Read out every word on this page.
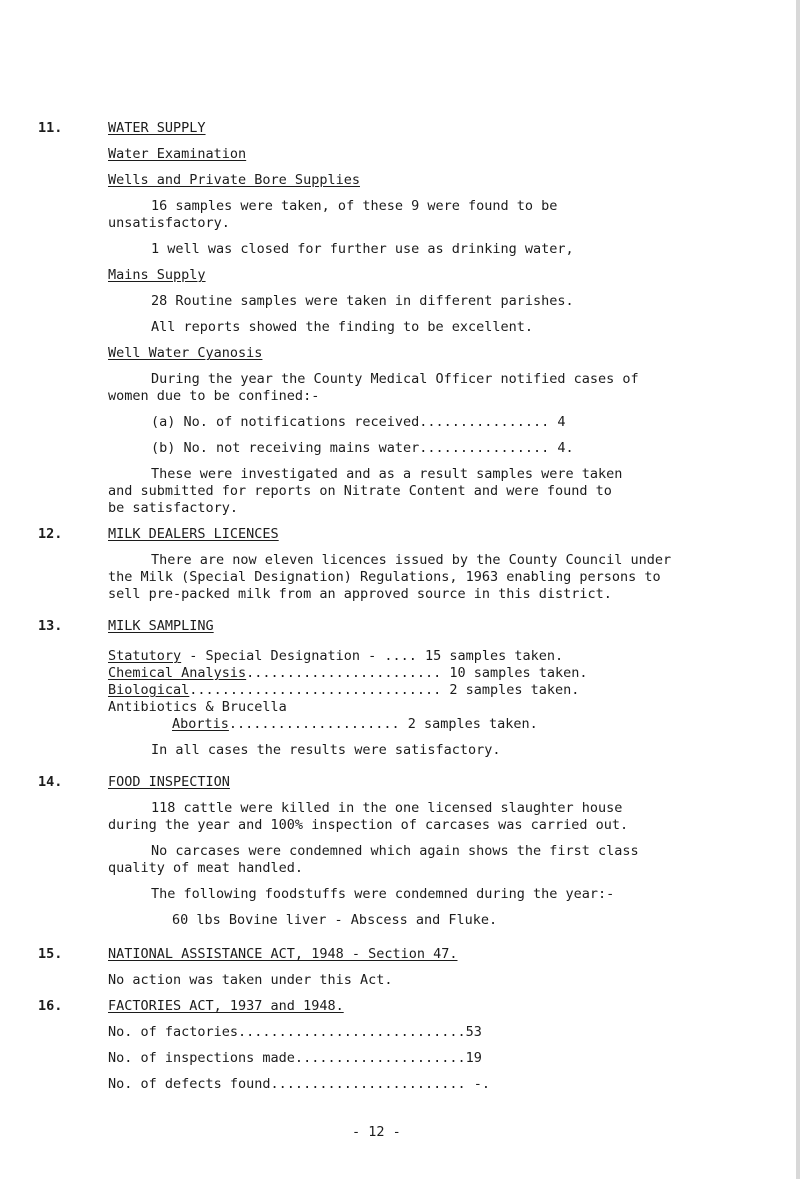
11.	WATER SUPPLY
Water Examination
Wells and Private Bore Supplies
16 samples were taken, of these 9 were found to be
unsatisfactory.
1 well was closed for further use as drinking water,
Mains Supply
28 Routine samples were taken in different parishes.
All reports showed the finding to be excellent.
Well Water Cyanosis
During the year the County Medical Officer notified cases of
women due to be confined:-
(a) No. of notifications received................ 4
(b) No. not receiving mains water................ 4.
These were investigated and as a result samples were taken
and submitted for reports on Nitrate Content and were found to
be satisfactory.
12.	MILK DEALERS LICENCES
There are now eleven licences issued by the County Council under
the Milk (Special Designation) Regulations, 1963 enabling persons to
sell pre-packed milk from an approved source in this district.
13.	MILK SAMPLING
Statutory - Special Designation - .... 15 samples taken.
Chemical Analysis........................ 10 samples taken.
Biological............................... 2 samples taken.
Antibiotics & Brucella
Abortis..................... 2 samples taken.
In all cases the results were satisfactory.
14.	FOOD INSPECTION
118 cattle were killed in the one licensed slaughter house
during the year and 100% inspection of carcases was carried out.
No carcases were condemned which again shows the first class
quality of meat handled.
The following foodstuffs were condemned during the year:-
60 lbs Bovine liver - Abscess and Fluke.
15.	NATIONAL ASSISTANCE ACT, 1948 - Section 47.
No action was taken under this Act.
16.	FACTORIES ACT, 1937 and 1948.
No. of factories............................53
No. of inspections made.....................19
No. of defects found........................ -.
- 12 -
